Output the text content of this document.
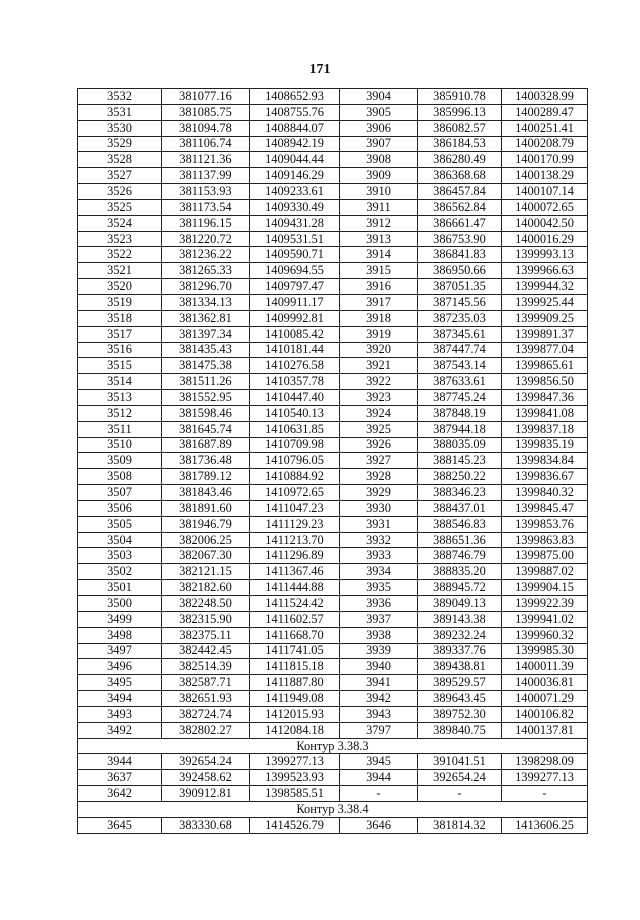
171
3532	381077.16	1408652.93	3904	385910.78	1400328.99
3531	381085.75	1408755.76	3905	385996.13	1400289.47
3530	381094.78	1408844.07	3906	386082.57	1400251.41
3529	381106.74	1408942.19	3907	386184.53	1400208.79
3528	381121.36	1409044.44	3908	386280.49	1400170.99
3527	381137.99	1409146.29	3909	386368.68	1400138.29
3526	381153.93	1409233.61	3910	386457.84	1400107.14
3525	381173.54	1409330.49	3911	386562.84	1400072.65
3524	381196.15	1409431.28	3912	386661.47	1400042.50
3523	381220.72	1409531.51	3913	386753.90	1400016.29
3522	381236.22	1409590.71	3914	386841.83	1399993.13
3521	381265.33	1409694.55	3915	386950.66	1399966.63
3520	381296.70	1409797.47	3916	387051.35	1399944.32
3519	381334.13	1409911.17	3917	387145.56	1399925.44
3518	381362.81	1409992.81	3918	387235.03	1399909.25
3517	381397.34	1410085.42	3919	387345.61	1399891.37
3516	381435.43	1410181.44	3920	387447.74	1399877.04
3515	381475.38	1410276.58	3921	387543.14	1399865.61
3514	381511.26	1410357.78	3922	387633.61	1399856.50
3513	381552.95	1410447.40	3923	387745.24	1399847.36
3512	381598.46	1410540.13	3924	387848.19	1399841.08
3511	381645.74	1410631.85	3925	387944.18	1399837.18
3510	381687.89	1410709.98	3926	388035.09	1399835.19
3509	381736.48	1410796.05	3927	388145.23	1399834.84
3508	381789.12	1410884.92	3928	388250.22	1399836.67
3507	381843.46	1410972.65	3929	388346.23	1399840.32
3506	381891.60	1411047.23	3930	388437.01	1399845.47
3505	381946.79	1411129.23	3931	388546.83	1399853.76
3504	382006.25	1411213.70	3932	388651.36	1399863.83
3503	382067.30	1411296.89	3933	388746.79	1399875.00
3502	382121.15	1411367.46	3934	388835.20	1399887.02
3501	382182.60	1411444.88	3935	388945.72	1399904.15
3500	382248.50	1411524.42	3936	389049.13	1399922.39
3499	382315.90	1411602.57	3937	389143.38	1399941.02
3498	382375.11	1411668.70	3938	389232.24	1399960.32
3497	382442.45	1411741.05	3939	389337.76	1399985.30
3496	382514.39	1411815.18	3940	389438.81	1400011.39
3495	382587.71	1411887.80	3941	389529.57	1400036.81
3494	382651.93	1411949.08	3942	389643.45	1400071.29
3493	382724.74	1412015.93	3943	389752.30	1400106.82
3492	382802.27	1412084.18	3797	389840.75	1400137.81
Контур 3.38.3					
3944	392654.24	1399277.13	3945	391041.51	1398298.09
3637	392458.62	1399523.93	3944	392654.24	1399277.13
3642	390912.81	1398585.51	-	-	-
Контур 3.38.4					
3645	383330.68	1414526.79	3646	381814.32	1413606.25
